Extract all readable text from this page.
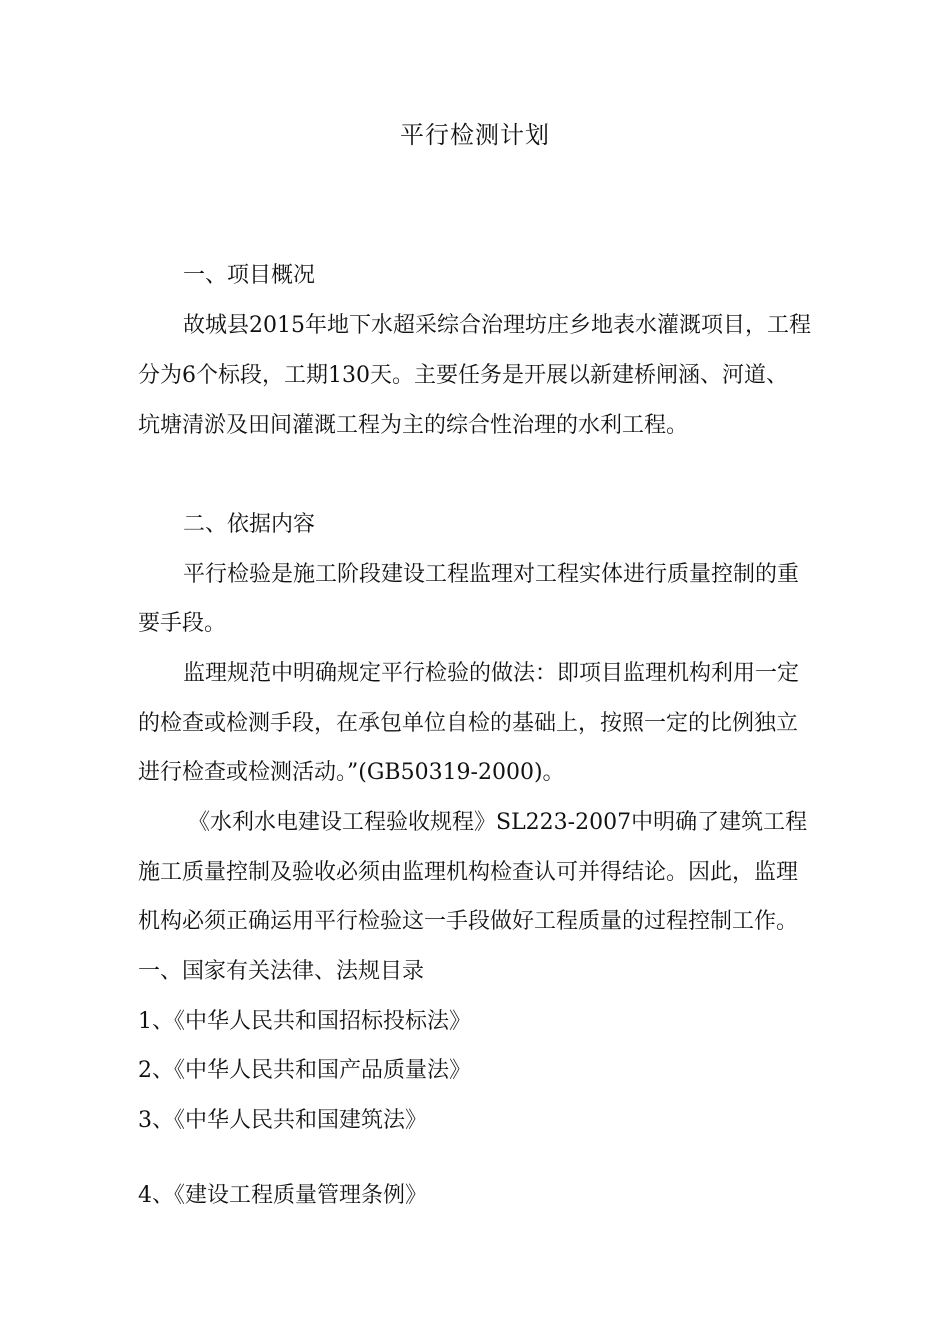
平行检测计划
一、项目概况
故城县2015年地下水超采综合治理坊庄乡地表水灌溉项目，工程
分为6个标段，工期130天。主要任务是开展以新建桥闸涵、河道、
坑塘清淤及田间灌溉工程为主的综合性治理的水利工程。
二、依据内容
平行检验是施工阶段建设工程监理对工程实体进行质量控制的重
要手段。
监理规范中明确规定平行检验的做法：即项目监理机构利用一定
的检查或检测手段，在承包单位自检的基础上，按照一定的比例独立
进行检查或检测活动。”(GB50319-2000)。
《水利水电建设工程验收规程》SL223-2007中明确了建筑工程
施工质量控制及验收必须由监理机构检查认可并得结论。因此，监理
机构必须正确运用平行检验这一手段做好工程质量的过程控制工作。
一、国家有关法律、法规目录
1、《中华人民共和国招标投标法》
2、《中华人民共和国产品质量法》
3、《中华人民共和国建筑法》
4、《建设工程质量管理条例》
